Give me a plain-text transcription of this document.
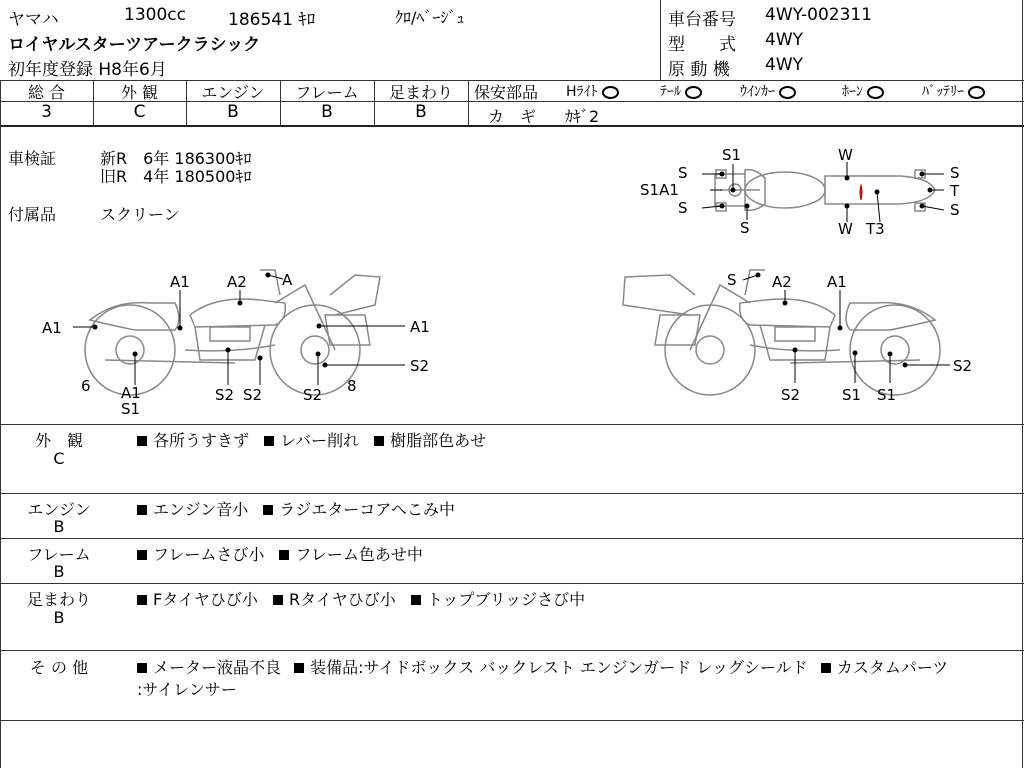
ヤマハ	1300cc 186541 ｷﾛ	ｸﾛ/ﾍﾞｰｼﾞｭ
ロイヤルスターツアークラシック
初年度登録 H8年6月
車台番号 4WY-002311
型　　式 4WY
原 動 機 4WY
総 合	外 観	エンジン	フレーム	足まわり
3	C	B	B	B
保安部品 Hﾗｲﾄ	ﾃｰﾙ	ｳｲﾝｶｰ	ﾎｰﾝ	ﾊﾞｯﾃﾘｰ
カ　ギ ｶｷﾞ2
車検証	新R　6年 186300ｷﾛ
旧R　4年 180500ｷﾛ
付属品	スクリーン
S1	W
S	S
S1A1	T
S	S
S	W T3
A1 A2 A
A1	A1
6	8
S2
A1
S1
S2 S2	S2
S A2 A1
S2
S2	S1 S1
外　観
C
各所うすきず レバー削れ 樹脂部色あせ
エンジン
B
エンジン音小 ラジエターコアへこみ中
フレーム
B
フレームさび小 フレーム色あせ中
足まわり
B
Fタイヤひび小 Rタイヤひび小 トップブリッジさび中
そ の 他	メーター液晶不良 装備品:サイドボックス バックレスト エンジンガード レッグシールド カスタムパーツ
:サイレンサー
